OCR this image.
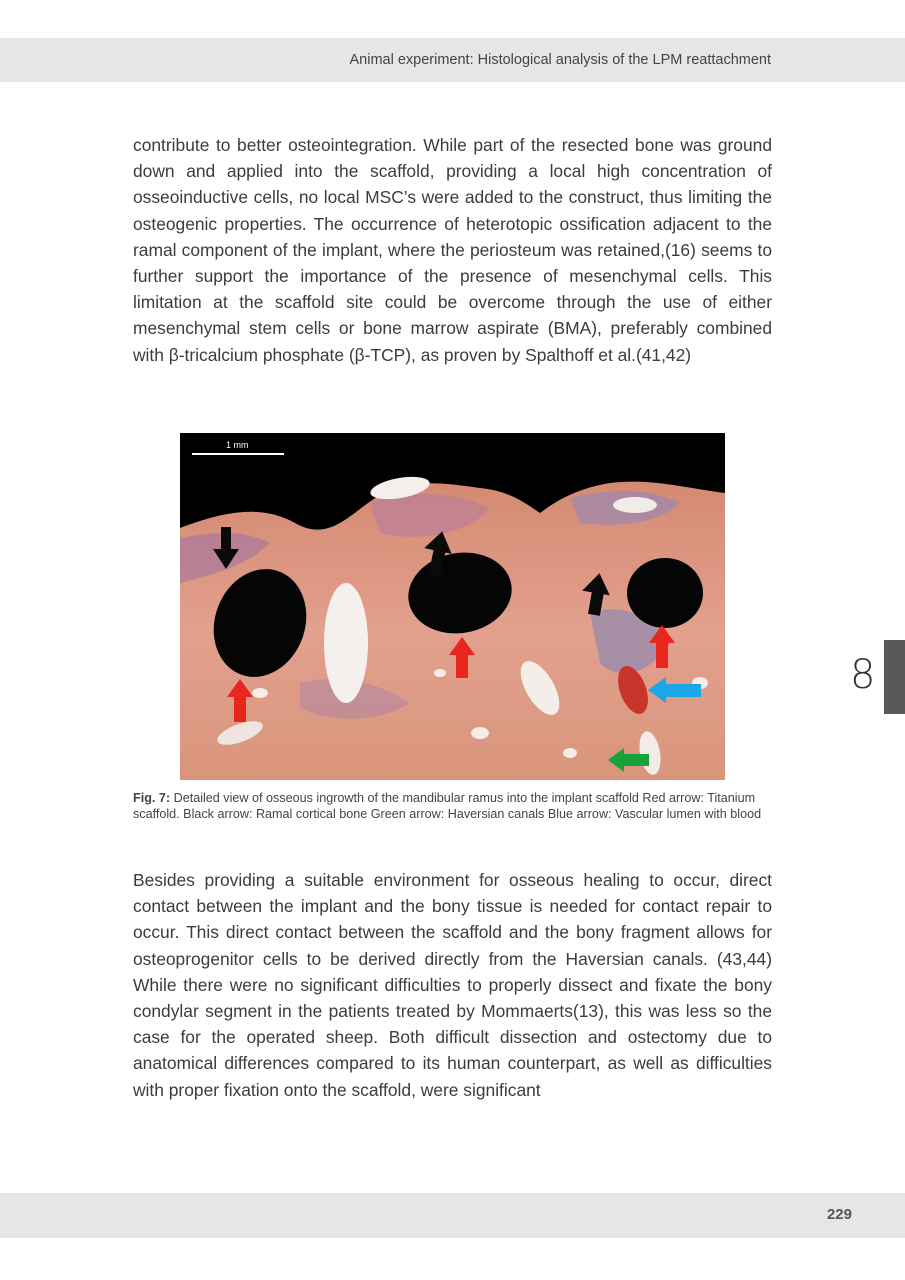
Animal experiment: Histological analysis of the LPM reattachment

contribute to better osteointegration. While part of the resected bone was ground down and applied into the scaffold, providing a local high concentration of osseoinductive cells, no local MSC’s were added to the construct, thus limiting the osteogenic properties. The occurrence of heterotopic ossification adjacent to the ramal component of the implant, where the periosteum was retained,(16) seems to further support the importance of the presence of mesenchymal cells. This limitation at the scaffold site could be overcome through the use of either mesenchymal stem cells or bone marrow aspirate (BMA), preferably combined with β-tricalcium phosphate (β-TCP), as proven by Spalthoff et al.(41,42)

1 mm

Fig. 7: Detailed view of osseous ingrowth of the mandibular ramus into the implant scaffold Red arrow: Titanium scaffold. Black arrow: Ramal cortical bone Green arrow: Haversian canals Blue arrow: Vascular lumen with blood

Besides providing a suitable environment for osseous healing to occur, direct contact between the implant and the bony tissue is needed for contact repair to occur. This direct contact between the scaffold and the bony fragment allows for osteoprogenitor cells to be derived directly from the Haversian canals. (43,44) While there were no significant difficulties to properly dissect and fixate the bony condylar segment in the patients treated by Mommaerts(13), this was less so the case for the operated sheep. Both difficult dissection and ostectomy due to anatomical differences compared to its human counterpart, as well as difficulties with proper fixation onto the scaffold, were significant

8
229
